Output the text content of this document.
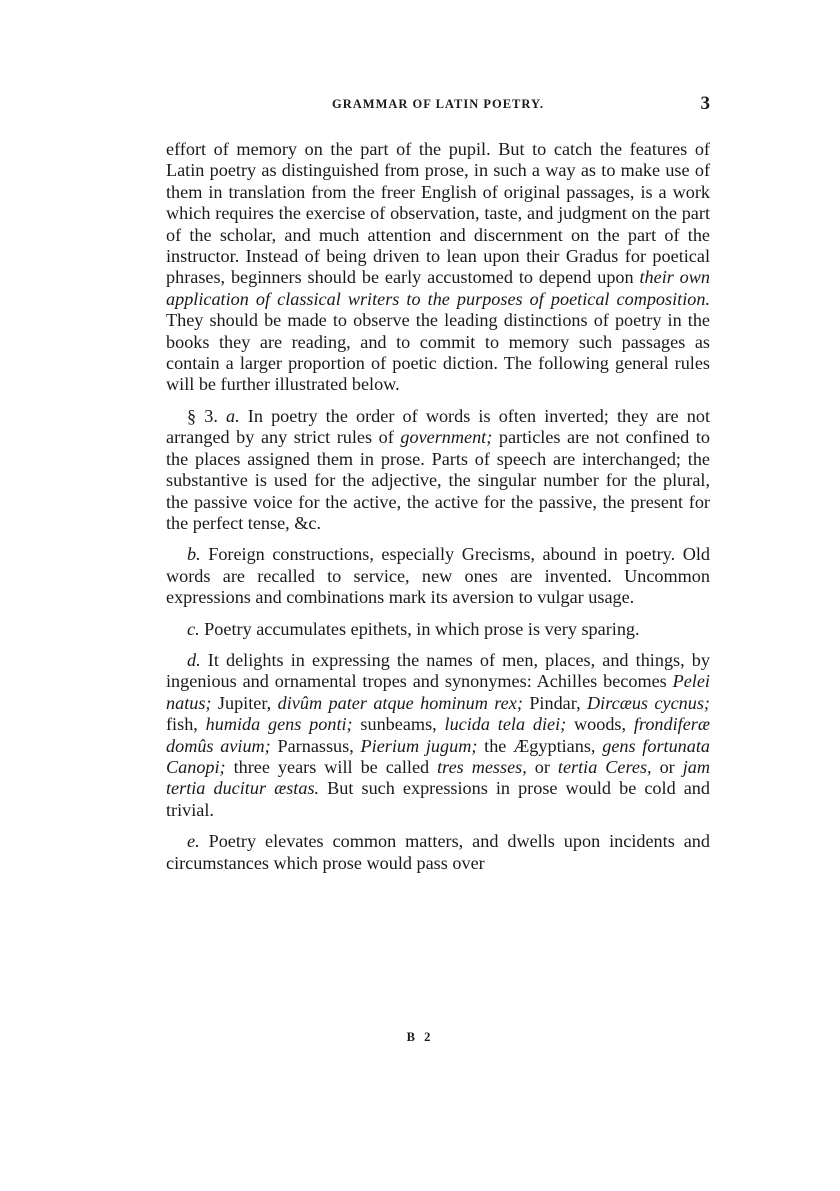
GRAMMAR OF LATIN POETRY.	3

effort of memory on the part of the pupil. But to catch the features of Latin poetry as distinguished from prose, in such a way as to make use of them in translation from the freer English of original passages, is a work which requires the exercise of observation, taste, and judgment on the part of the scholar, and much attention and discernment on the part of the instructor. Instead of being driven to lean upon their Gradus for poetical phrases, beginners should be early accustomed to depend upon their own application of classical writers to the purposes of poetical composition. They should be made to observe the leading distinctions of poetry in the books they are reading, and to commit to memory such passages as contain a larger proportion of poetic diction. The following general rules will be further illustrated below.

§ 3. a. In poetry the order of words is often inverted; they are not arranged by any strict rules of government; particles are not confined to the places assigned them in prose. Parts of speech are interchanged; the substantive is used for the adjective, the singular number for the plural, the passive voice for the active, the active for the passive, the present for the perfect tense, &c.

b. Foreign constructions, especially Grecisms, abound in poetry. Old words are recalled to service, new ones are invented. Uncommon expressions and combinations mark its aversion to vulgar usage.

c. Poetry accumulates epithets, in which prose is very sparing.

d. It delights in expressing the names of men, places, and things, by ingenious and ornamental tropes and synonymes: Achilles becomes Pelei natus; Jupiter, divûm pater atque hominum rex; Pindar, Dircæus cycnus; fish, humida gens ponti; sunbeams, lucida tela diei; woods, frondiferæ domûs avium; Parnassus, Pierium jugum; the Ægyptians, gens fortunata Canopi; three years will be called tres messes, or tertia Ceres, or jam tertia ducitur æstas. But such expressions in prose would be cold and trivial.

e. Poetry elevates common matters, and dwells upon incidents and circumstances which prose would pass over

B 2
